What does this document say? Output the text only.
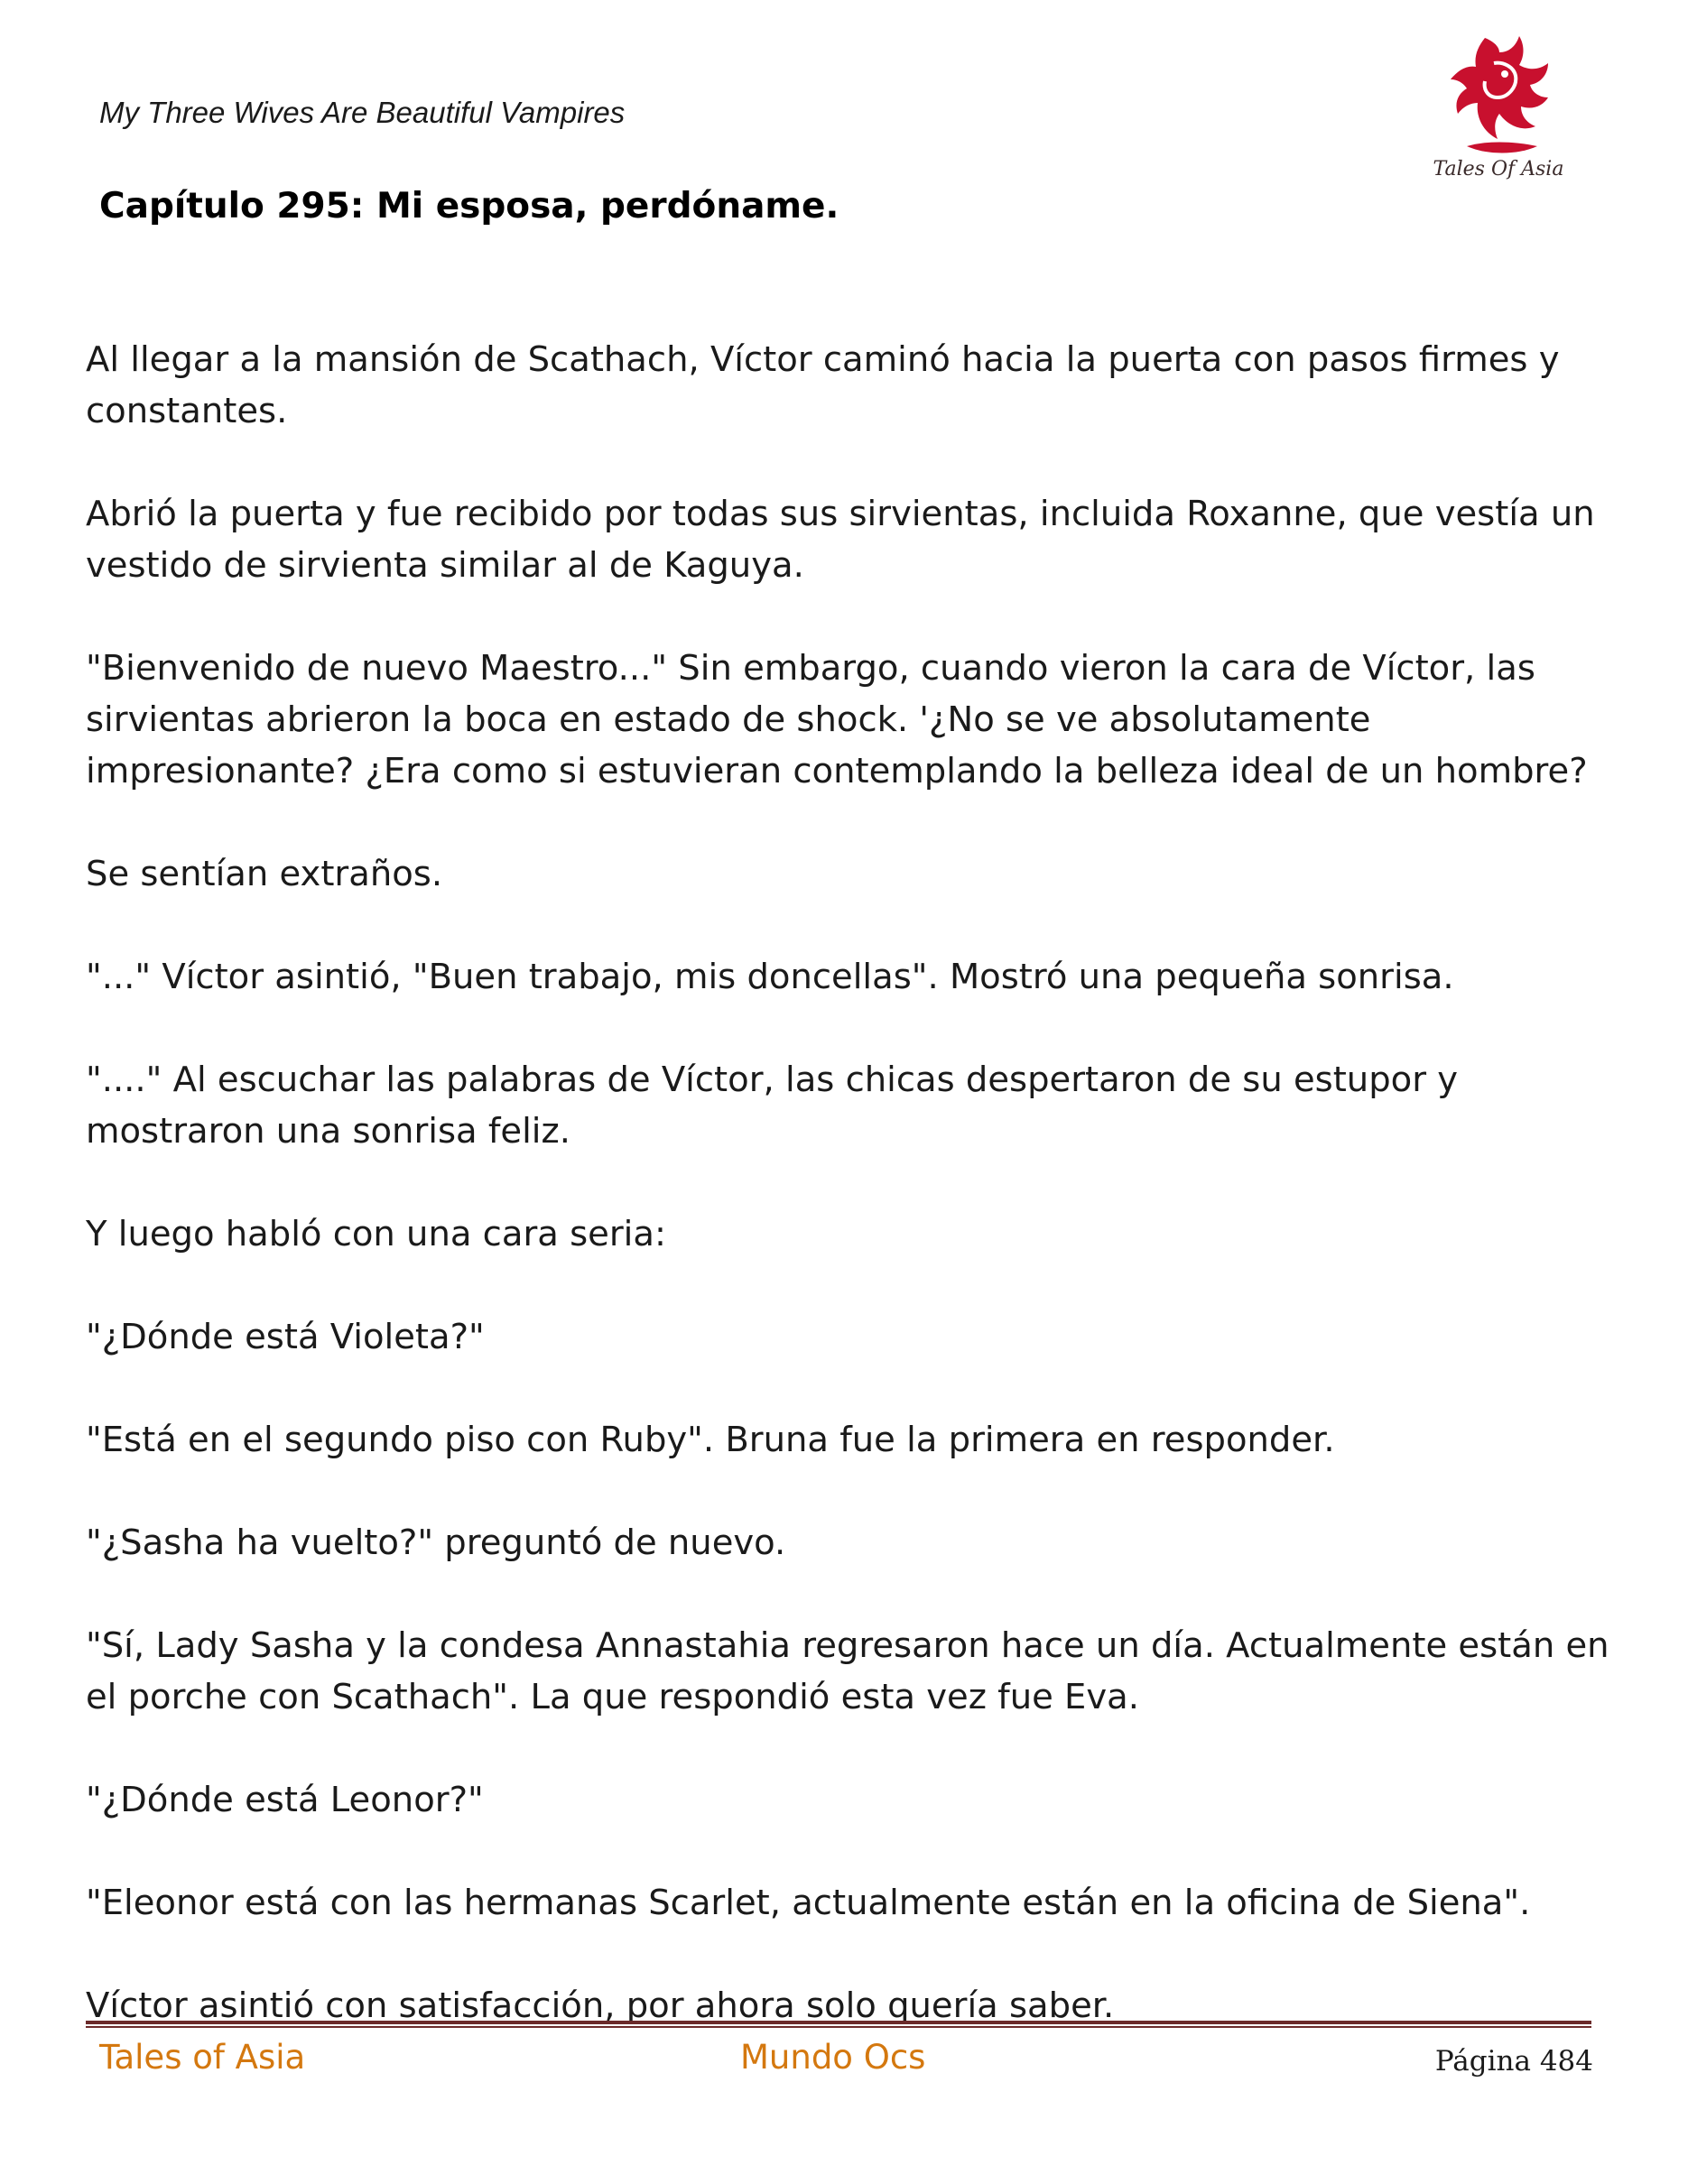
My Three Wives Are Beautiful Vampires
Tales Of Asia
Capítulo 295: Mi esposa, perdóname.

Al llegar a la mansión de Scathach, Víctor caminó hacia la puerta con pasos firmes y constantes.

Abrió la puerta y fue recibido por todas sus sirvientas, incluida Roxanne, que vestía un vestido de sirvienta similar al de Kaguya.

"Bienvenido de nuevo Maestro..." Sin embargo, cuando vieron la cara de Víctor, las sirvientas abrieron la boca en estado de shock. '¿No se ve absolutamente impresionante? ¿Era como si estuvieran contemplando la belleza ideal de un hombre?

Se sentían extraños.

"..." Víctor asintió, "Buen trabajo, mis doncellas". Mostró una pequeña sonrisa.

"...." Al escuchar las palabras de Víctor, las chicas despertaron de su estupor y mostraron una sonrisa feliz.

Y luego habló con una cara seria:

"¿Dónde está Violeta?"

"Está en el segundo piso con Ruby". Bruna fue la primera en responder.

"¿Sasha ha vuelto?" preguntó de nuevo.

"Sí, Lady Sasha y la condesa Annastahia regresaron hace un día. Actualmente están en el porche con Scathach". La que respondió esta vez fue Eva.

"¿Dónde está Leonor?"

"Eleonor está con las hermanas Scarlet, actualmente están en la oficina de Siena".

Víctor asintió con satisfacción, por ahora solo quería saber.

Tales of Asia	Mundo Ocs	Página 484
